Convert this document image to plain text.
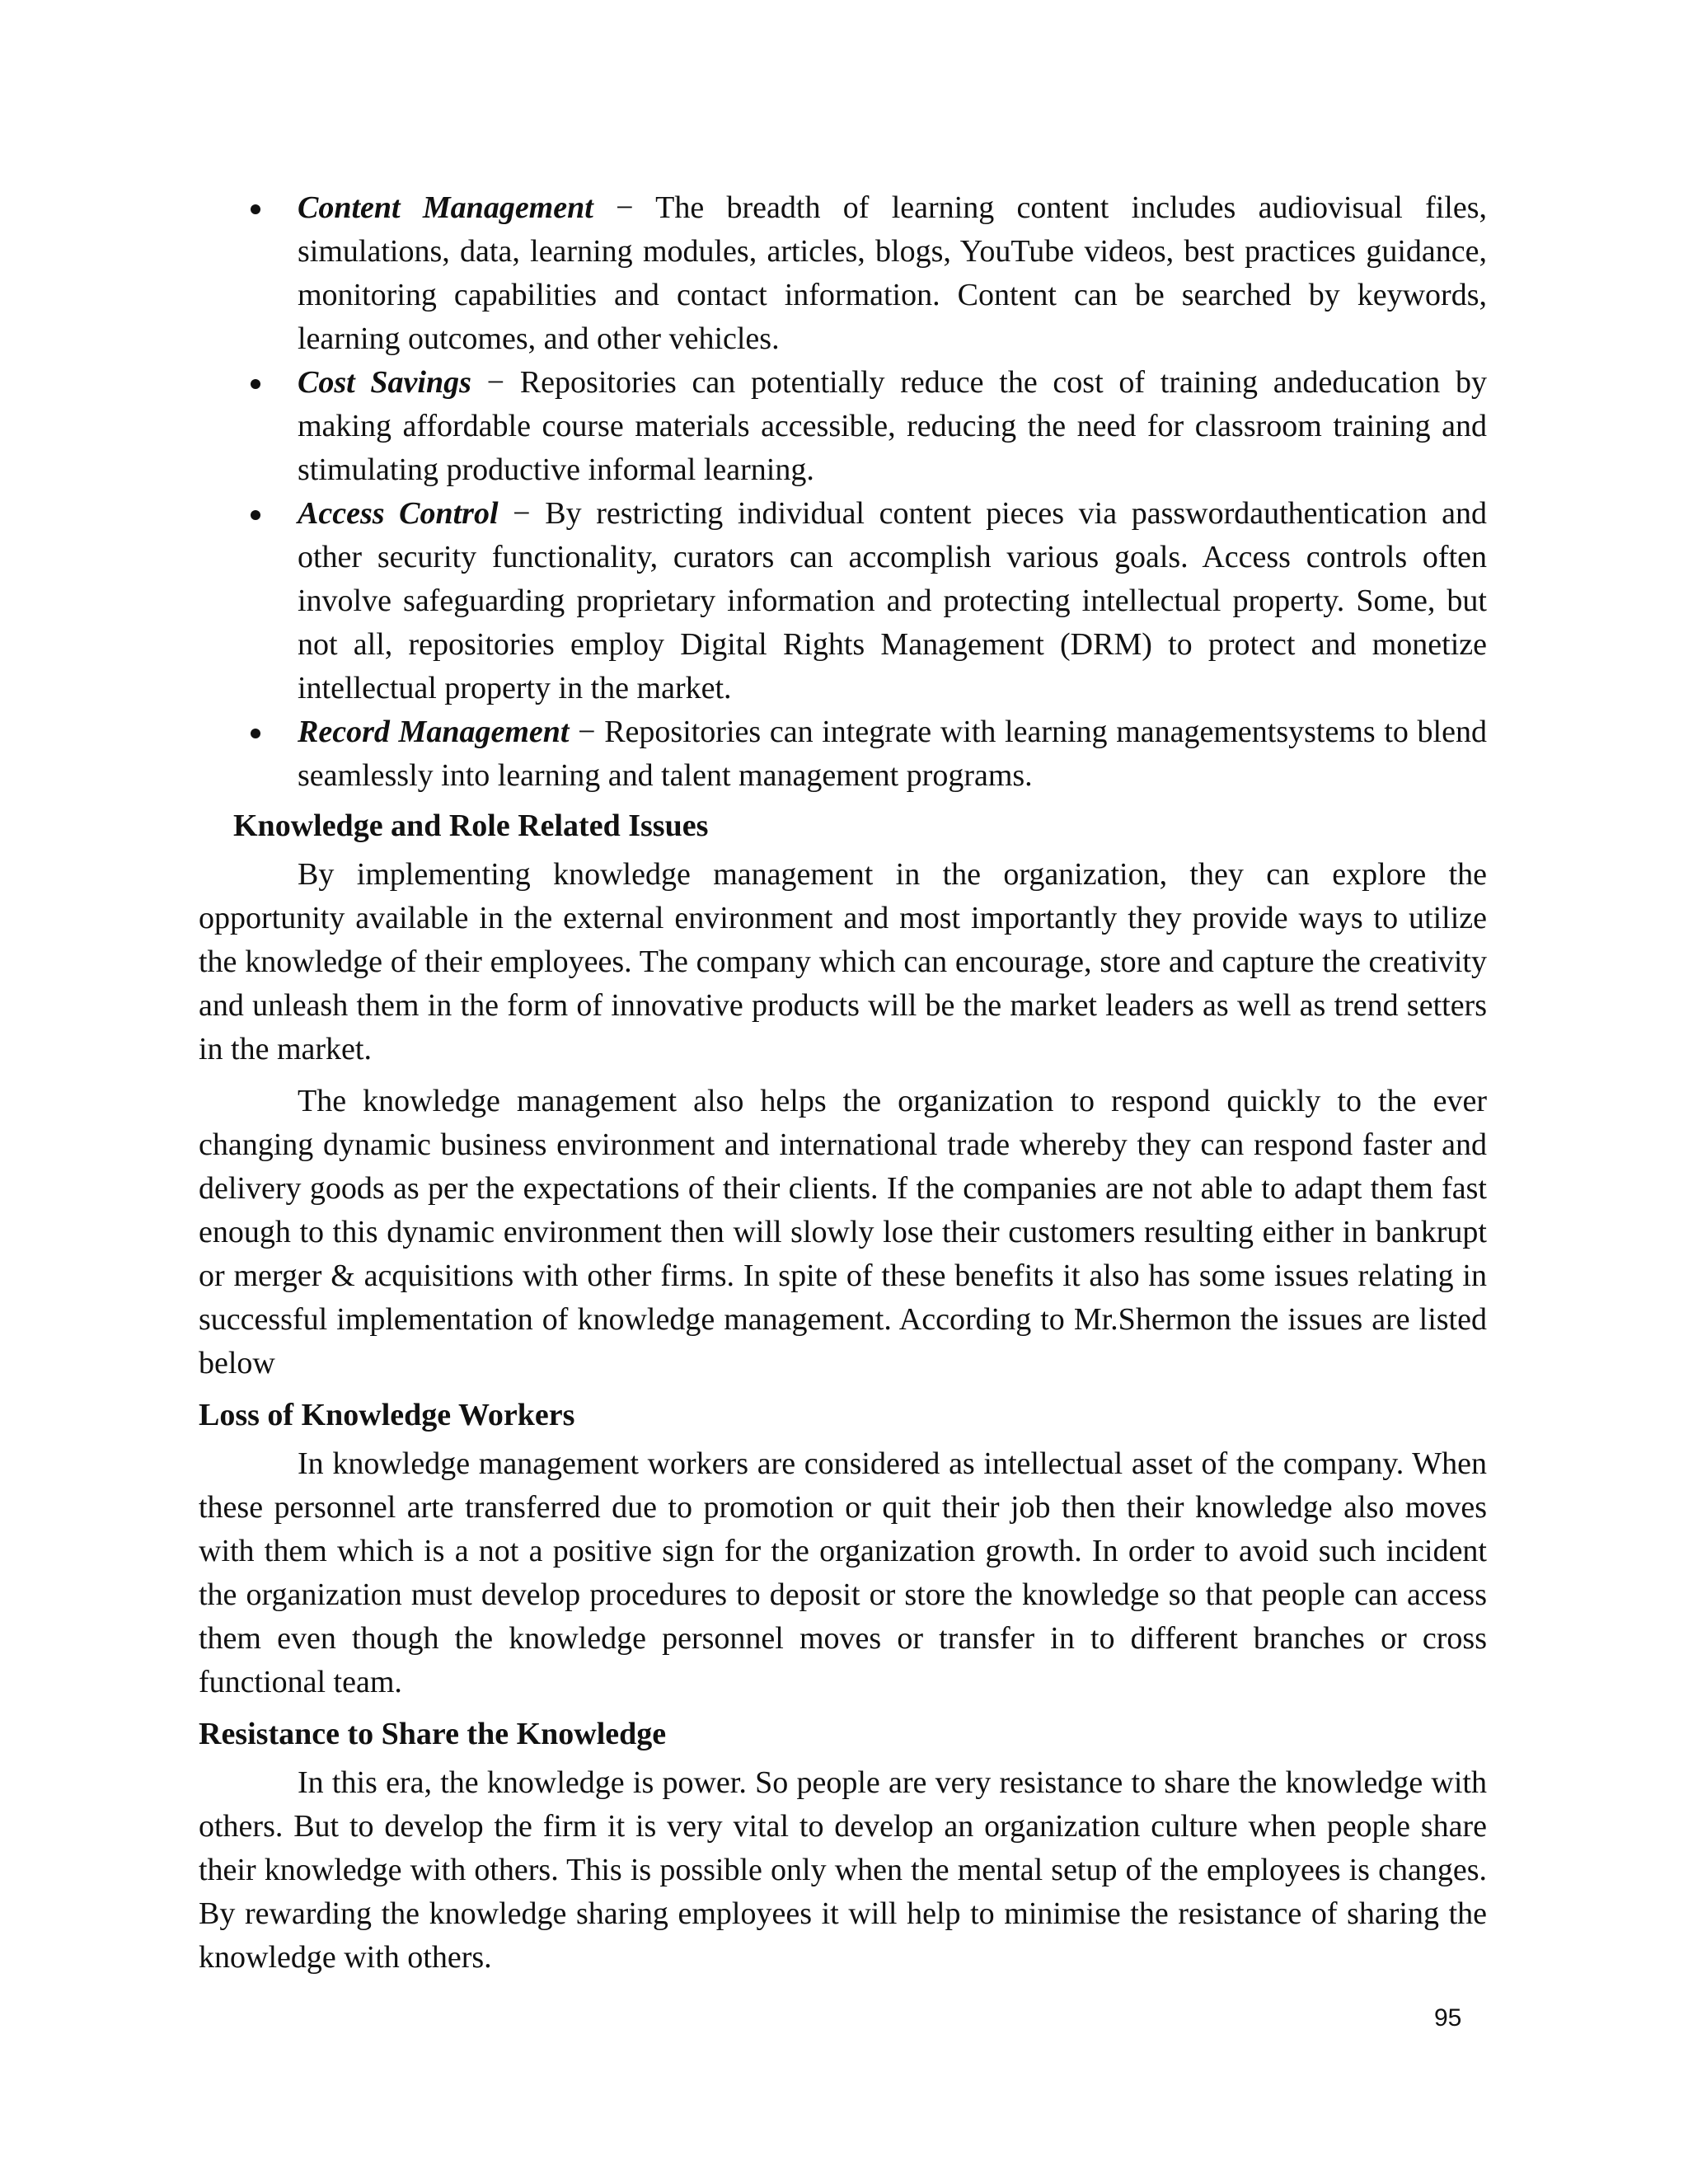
Content Management − The breadth of learning content includes audiovisual files, simulations, data, learning modules, articles, blogs, YouTube videos, best practices guidance, monitoring capabilities and contact information. Content can be searched by keywords, learning outcomes, and other vehicles.
Cost Savings − Repositories can potentially reduce the cost of training andeducation by making affordable course materials accessible, reducing the need for classroom training and stimulating productive informal learning.
Access Control − By restricting individual content pieces via passwordauthentication and other security functionality, curators can accomplish various goals. Access controls often involve safeguarding proprietary information and protecting intellectual property. Some, but not all, repositories employ Digital Rights Management (DRM) to protect and monetize intellectual property in the market.
Record Management − Repositories can integrate with learning managementsystems to blend seamlessly into learning and talent management programs.
Knowledge and Role Related Issues

By implementing knowledge management in the organization, they can explore the opportunity available in the external environment and most importantly they provide ways to utilize the knowledge of their employees. The company which can encourage, store and capture the creativity and unleash them in the form of innovative products will be the market leaders as well as trend setters in the market.

The knowledge management also helps the organization to respond quickly to the ever changing dynamic business environment and international trade whereby they can respond faster and delivery goods as per the expectations of their clients. If the companies are not able to adapt them fast enough to this dynamic environment then will slowly lose their customers resulting either in bankrupt or merger & acquisitions with other firms. In spite of these benefits it also has some issues relating in successful implementation of knowledge management. According to Mr.Shermon the issues are listed below

Loss of Knowledge Workers

In knowledge management workers are considered as intellectual asset of the company. When these personnel arte transferred due to promotion or quit their job then their knowledge also moves with them which is a not a positive sign for the organization growth. In order to avoid such incident the organization must develop procedures to deposit or store the knowledge so that people can access them even though the knowledge personnel moves or transfer in to different branches or cross functional team.

Resistance to Share the Knowledge

In this era, the knowledge is power. So people are very resistance to share the knowledge with others. But to develop the firm it is very vital to develop an organization culture when people share their knowledge with others. This is possible only when the mental setup of the employees is changes. By rewarding the knowledge sharing employees it will help to minimise the resistance of sharing the knowledge with others.

95
